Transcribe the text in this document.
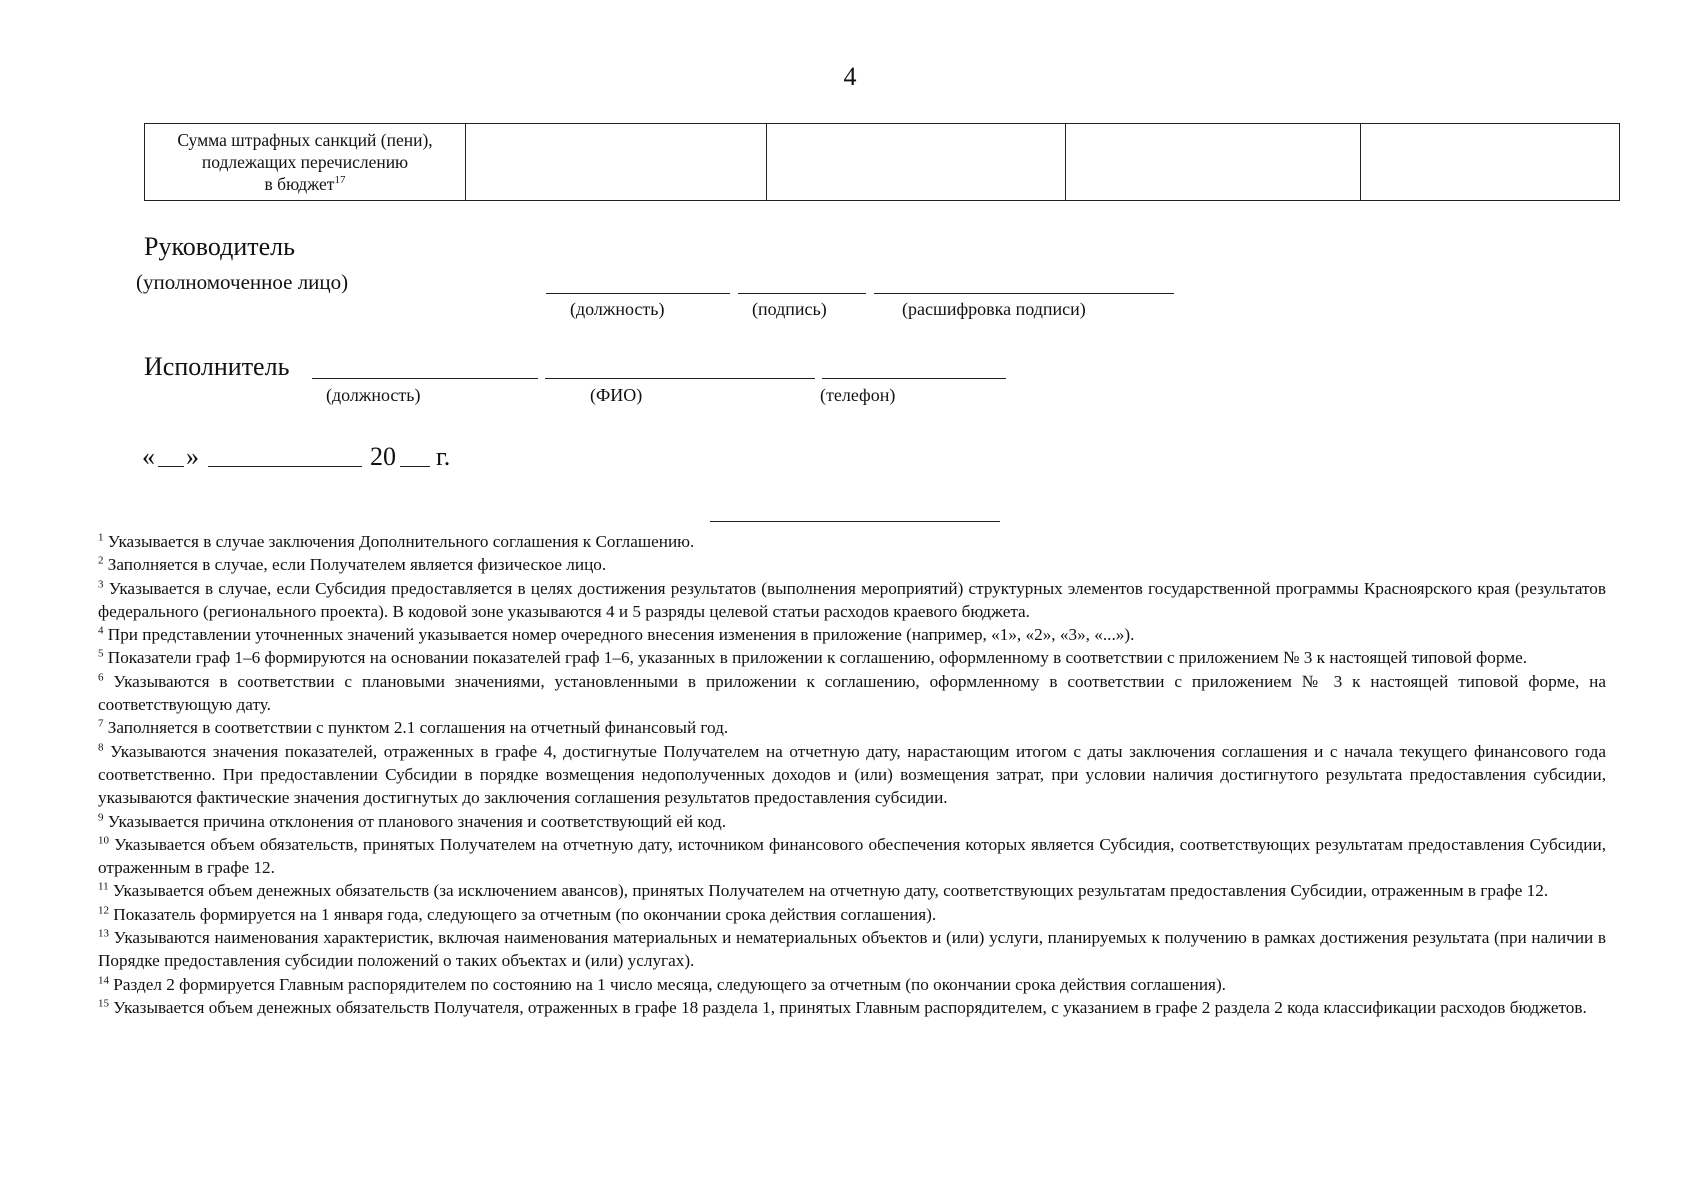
4
Сумма штрафных санкций (пени),
подлежащих перечислению
в бюджет$^{17}$				
Руководитель
(уполномоченное лицо)
(должность)	(подпись)	(расшифровка подписи)
Исполнитель
(должность)	(ФИО)	(телефон)
« »	20 г.

$^1$ Указывается в случае заключения Дополнительного соглашения к Соглашению.

$^2$ Заполняется в случае, если Получателем является физическое лицо.

$^3$ Указывается в случае, если Субсидия предоставляется в целях достижения результатов (выполнения мероприятий) структурных элементов государственной программы Красноярского края (результатов федерального (регионального проекта). В кодовой зоне указываются 4 и 5 разряды целевой статьи расходов краевого бюджета.

$^4$ При представлении уточненных значений указывается номер очередного внесения изменения в приложение (например, «1», «2», «3», «...»).

$^5$ Показатели граф 1–6 формируются на основании показателей граф 1–6, указанных в приложении к соглашению, оформленному в соответствии с приложением № 3 к настоящей типовой форме.

$^6$ Указываются в соответствии с плановыми значениями, установленными в приложении к соглашению, оформленному в соответствии с приложением № 3 к настоящей типовой форме, на соответствующую дату.

$^7$ Заполняется в соответствии с пунктом 2.1 соглашения на отчетный финансовый год.

$^8$ Указываются значения показателей, отраженных в графе 4, достигнутые Получателем на отчетную дату, нарастающим итогом с даты заключения соглашения и с начала текущего финансового года соответственно. При предоставлении Субсидии в порядке возмещения недополученных доходов и (или) возмещения затрат, при условии наличия достигнутого результата предоставления субсидии, указываются фактические значения достигнутых до заключения соглашения результатов предоставления субсидии.

$^9$ Указывается причина отклонения от планового значения и соответствующий ей код.

$^{10}$ Указывается объем обязательств, принятых Получателем на отчетную дату, источником финансового обеспечения которых является Субсидия, соответствующих результатам предоставления Субсидии, отраженным в графе 12.

$^{11}$ Указывается объем денежных обязательств (за исключением авансов), принятых Получателем на отчетную дату, соответствующих результатам предоставления Субсидии, отраженным в графе 12.

$^{12}$ Показатель формируется на 1 января года, следующего за отчетным (по окончании срока действия соглашения).

$^{13}$ Указываются наименования характеристик, включая наименования материальных и нематериальных объектов и (или) услуги, планируемых к получению в рамках достижения результата (при наличии в Порядке предоставления субсидии положений о таких объектах и (или) услугах).

$^{14}$ Раздел 2 формируется Главным распорядителем по состоянию на 1 число месяца, следующего за отчетным (по окончании срока действия соглашения).

$^{15}$ Указывается объем денежных обязательств Получателя, отраженных в графе 18 раздела 1, принятых Главным распорядителем, с указанием в графе 2 раздела 2 кода классификации расходов бюджетов.
